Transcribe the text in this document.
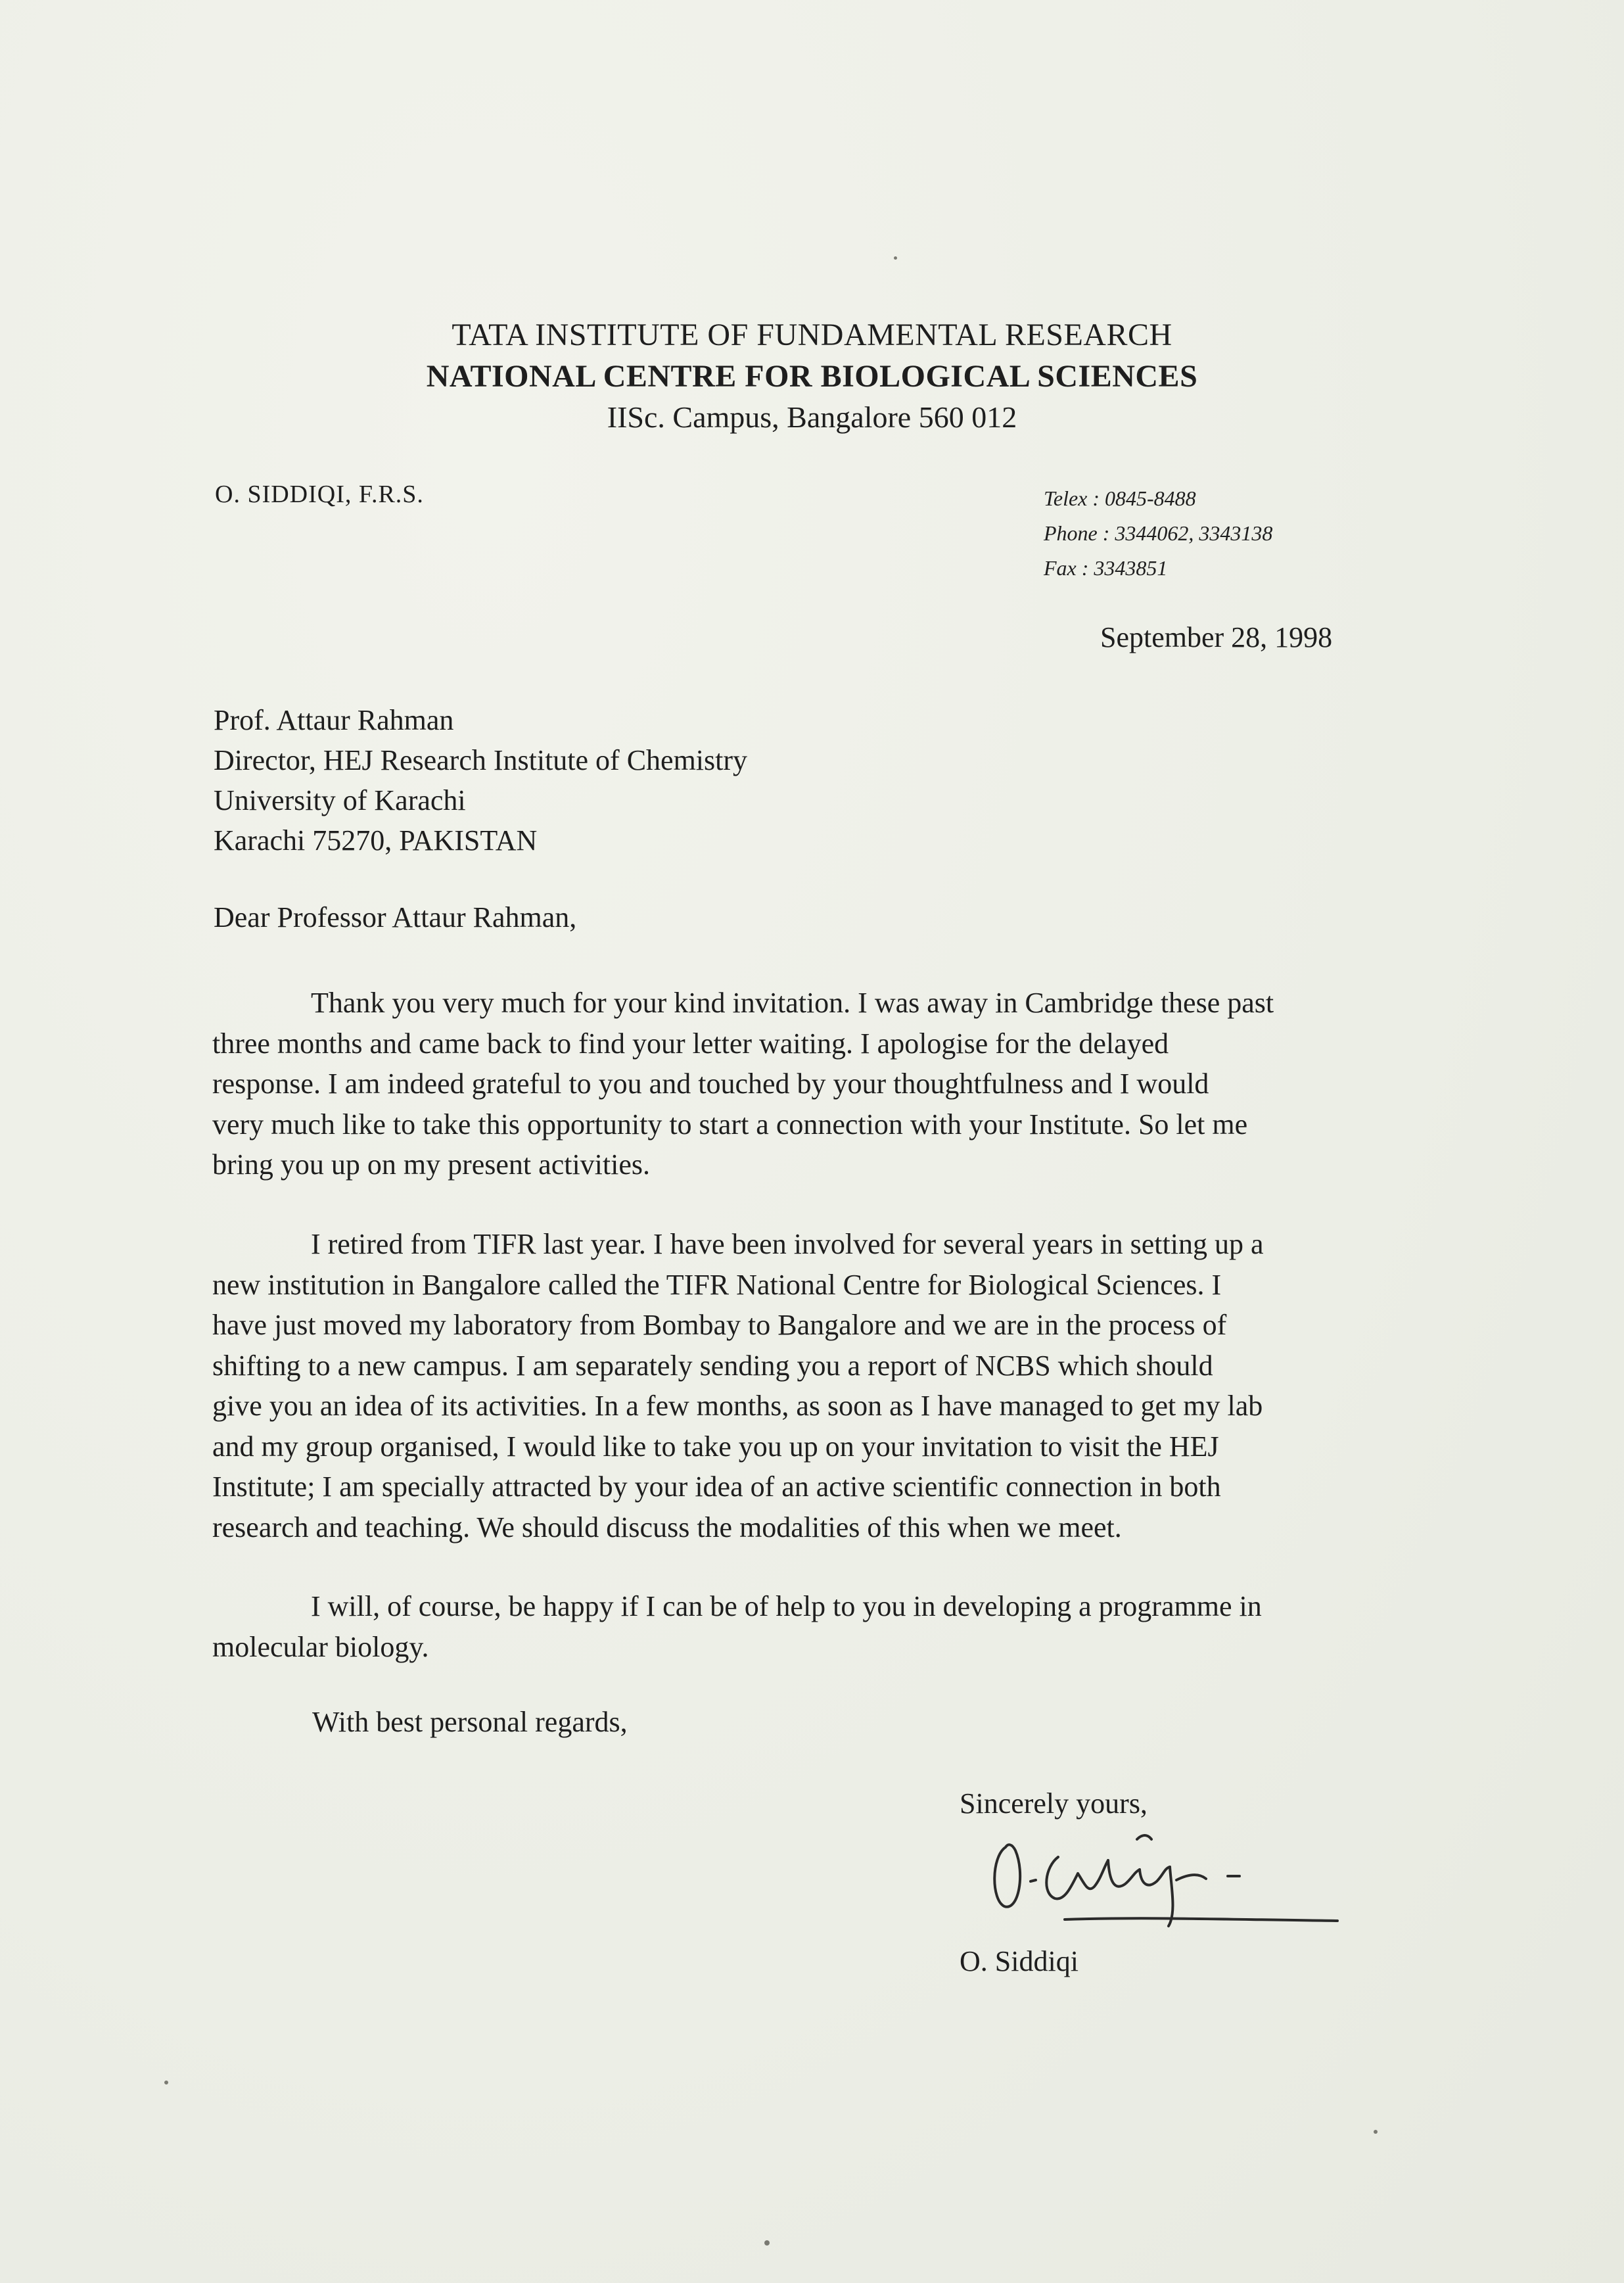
TATA INSTITUTE OF FUNDAMENTAL RESEARCH
NATIONAL CENTRE FOR BIOLOGICAL SCIENCES
IISc. Campus, Bangalore 560 012
O. SIDDIQI, F.R.S.	Telex : 0845-8488
Phone : 3344062, 3343138
Fax : 3343851
September 28, 1998
Prof. Attaur Rahman
Director, HEJ Research Institute of Chemistry
University of Karachi
Karachi 75270, PAKISTAN
Dear Professor Attaur Rahman,
Thank you very much for your kind invitation. I was away in Cambridge these past
three months and came back to find your letter waiting. I apologise for the delayed
response. I am indeed grateful to you and touched by your thoughtfulness and I would
very much like to take this opportunity to start a connection with your Institute. So let me
bring you up on my present activities.
I retired from TIFR last year. I have been involved for several years in setting up a
new institution in Bangalore called the TIFR National Centre for Biological Sciences. I
have just moved my laboratory from Bombay to Bangalore and we are in the process of
shifting to a new campus. I am separately sending you a report of NCBS which should
give you an idea of its activities. In a few months, as soon as I have managed to get my lab
and my group organised, I would like to take you up on your invitation to visit the HEJ
Institute; I am specially attracted by your idea of an active scientific connection in both
research and teaching. We should discuss the modalities of this when we meet.
I will, of course, be happy if I can be of help to you in developing a programme in
molecular biology.
With best personal regards,
Sincerely yours,
O. Siddiqi
